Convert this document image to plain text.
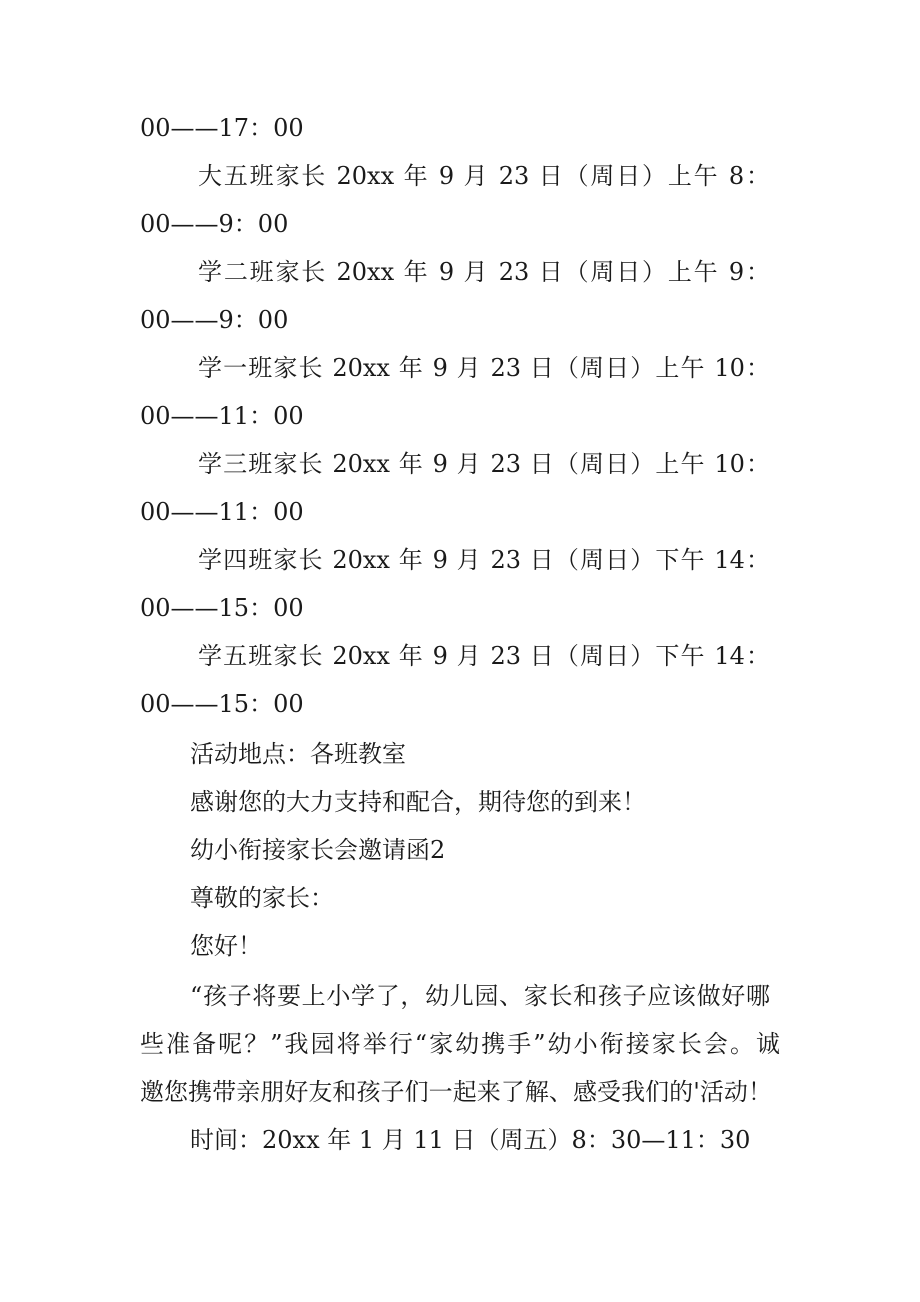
00——17：00
大五班家长 20xx 年 9 月 23 日（周日）上午 8：
00——9：00
学二班家长 20xx 年 9 月 23 日（周日）上午 9：
00——9：00
学一班家长 20xx 年 9 月 23 日（周日）上午 10：
00——11：00
学三班家长 20xx 年 9 月 23 日（周日）上午 10：
00——11：00
学四班家长 20xx 年 9 月 23 日（周日）下午 14：
00——15：00
学五班家长 20xx 年 9 月 23 日（周日）下午 14：
00——15：00
活动地点：各班教室
感谢您的大力支持和配合，期待您的到来！
幼小衔接家长会邀请函2
尊敬的家长：
您好！
“孩子将要上小学了，幼儿园、家长和孩子应该做好哪
些准备呢？”我园将举行“家幼携手”幼小衔接家长会。诚
邀您携带亲朋好友和孩子们一起来了解、感受我们的'活动！
时间：20xx 年 1 月 11 日（周五）8：30—11：30
